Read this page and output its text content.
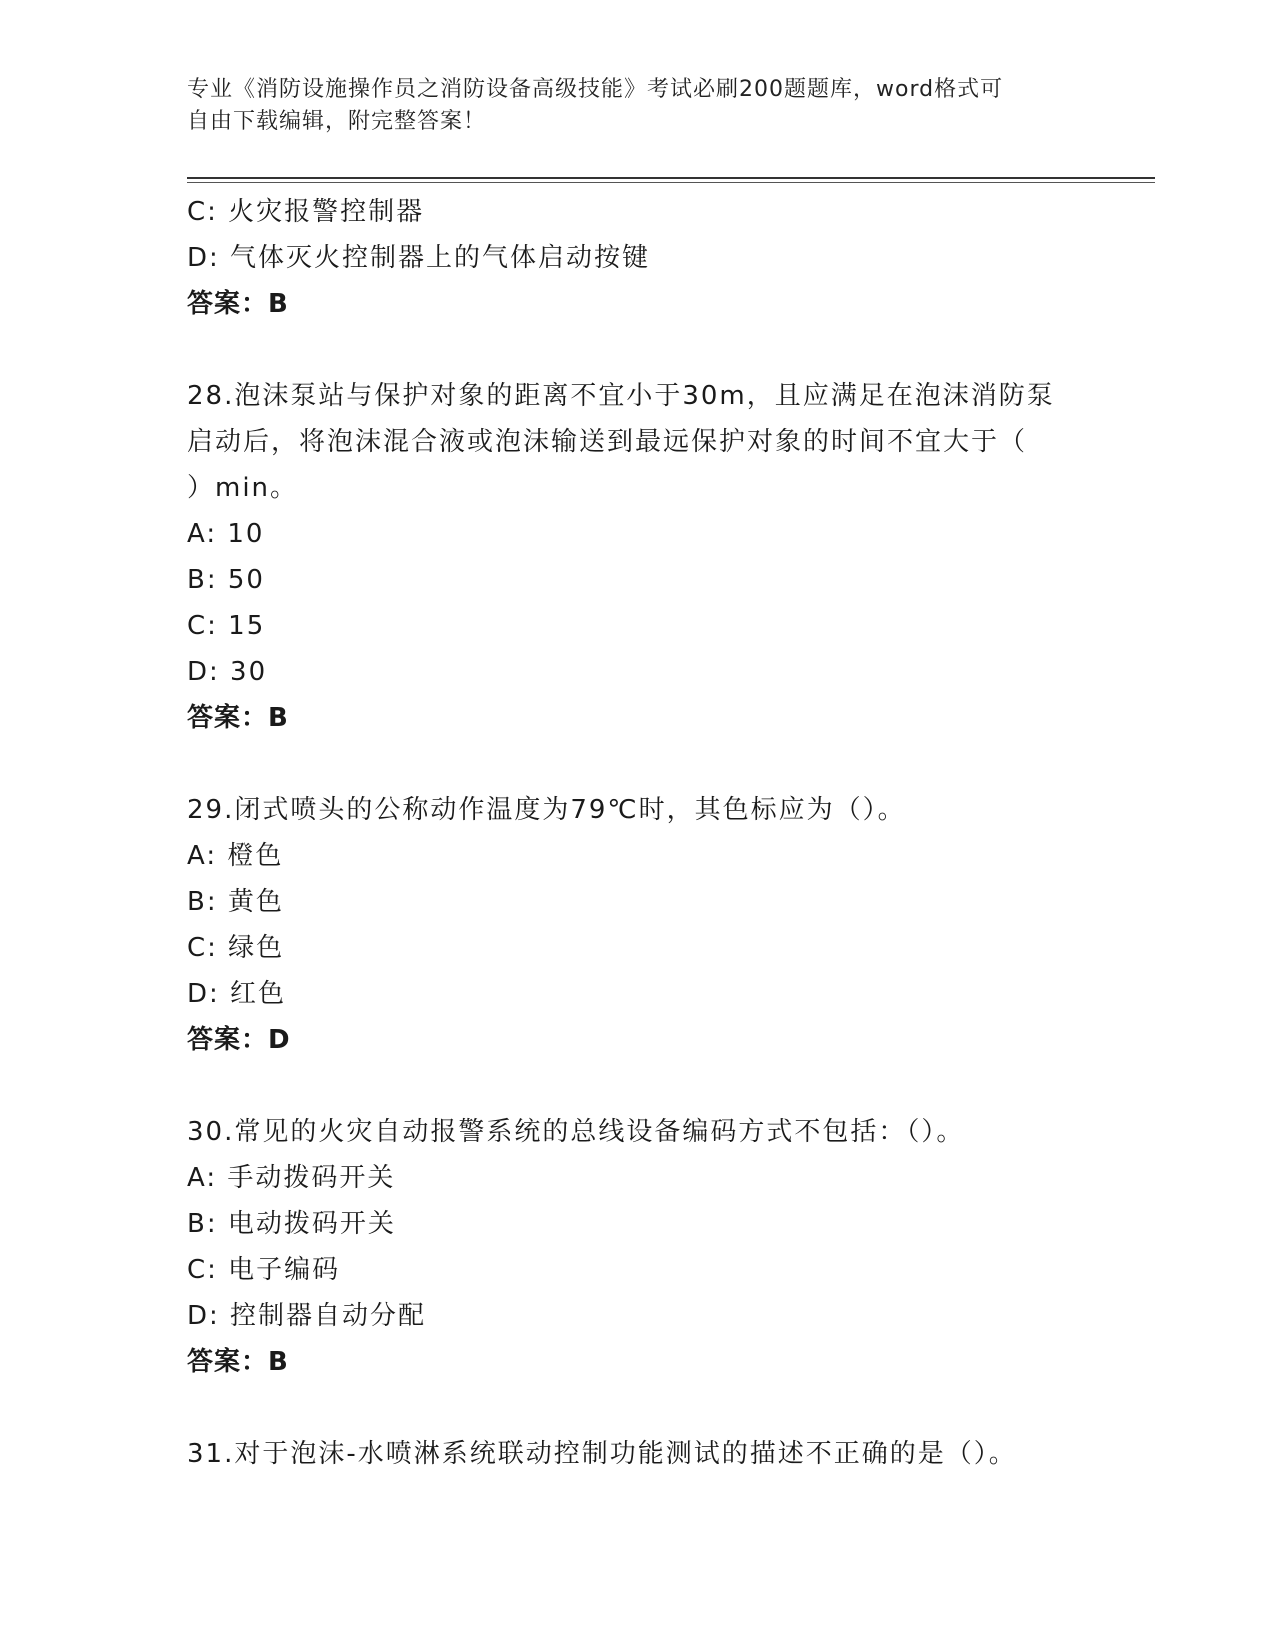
专业《消防设施操作员之消防设备高级技能》考试必刷200题题库，word格式可
自由下载编辑，附完整答案！
C: 火灾报警控制器
D: 气体灭火控制器上的气体启动按键
答案：B
28.泡沫泵站与保护对象的距离不宜小于30m，且应满足在泡沫消防泵
启动后，将泡沫混合液或泡沫输送到最远保护对象的时间不宜大于（
）min。
A: 10
B: 50
C: 15
D: 30
答案：B
29.闭式喷头的公称动作温度为79℃时，其色标应为（）。
A: 橙色
B: 黄色
C: 绿色
D: 红色
答案：D
30.常见的火灾自动报警系统的总线设备编码方式不包括：（）。
A: 手动拨码开关
B: 电动拨码开关
C: 电子编码
D: 控制器自动分配
答案：B
31.对于泡沫-水喷淋系统联动控制功能测试的描述不正确的是（）。
